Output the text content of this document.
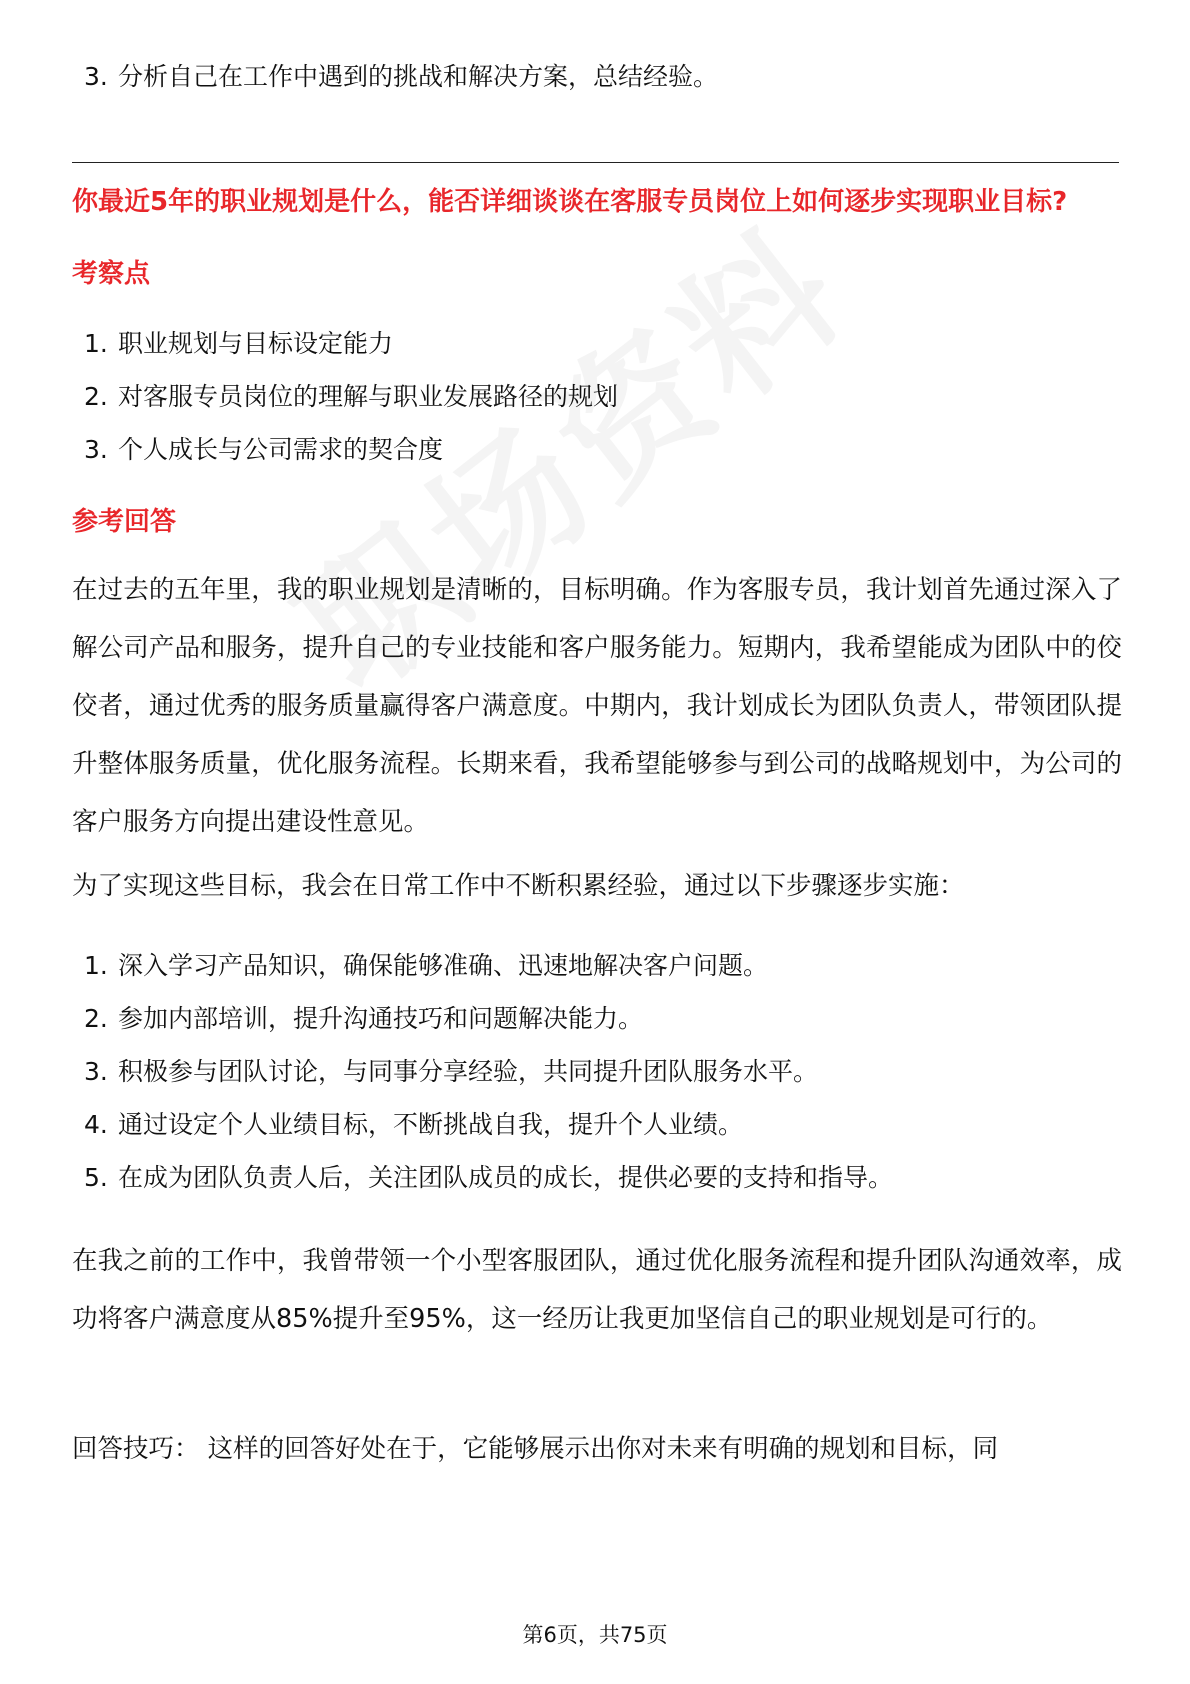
3. 分析自己在工作中遇到的挑战和解决方案，总结经验。
你最近5年的职业规划是什么，能否详细谈谈在客服专员岗位上如何逐步实现职业目标?
考察点
1. 职业规划与目标设定能力
2. 对客服专员岗位的理解与职业发展路径的规划
3. 个人成长与公司需求的契合度
参考回答
在过去的五年里，我的职业规划是清晰的，目标明确。作为客服专员，我计划首先通过深入了解公司产品和服务，提升自己的专业技能和客户服务能力。短期内，我希望能成为团队中的佼佼者，通过优秀的服务质量赢得客户满意度。中期内，我计划成长为团队负责人，带领团队提升整体服务质量，优化服务流程。长期来看，我希望能够参与到公司的战略规划中，为公司的客户服务方向提出建设性意见。
为了实现这些目标，我会在日常工作中不断积累经验，通过以下步骤逐步实施：
1. 深入学习产品知识，确保能够准确、迅速地解决客户问题。
2. 参加内部培训，提升沟通技巧和问题解决能力。
3. 积极参与团队讨论，与同事分享经验，共同提升团队服务水平。
4. 通过设定个人业绩目标，不断挑战自我，提升个人业绩。
5. 在成为团队负责人后，关注团队成员的成长，提供必要的支持和指导。
在我之前的工作中，我曾带领一个小型客服团队，通过优化服务流程和提升团队沟通效率，成功将客户满意度从85%提升至95%，这一经历让我更加坚信自己的职业规划是可行的。
回答技巧： 这样的回答好处在于，它能够展示出你对未来有明确的规划和目标，同
第6页，共75页
